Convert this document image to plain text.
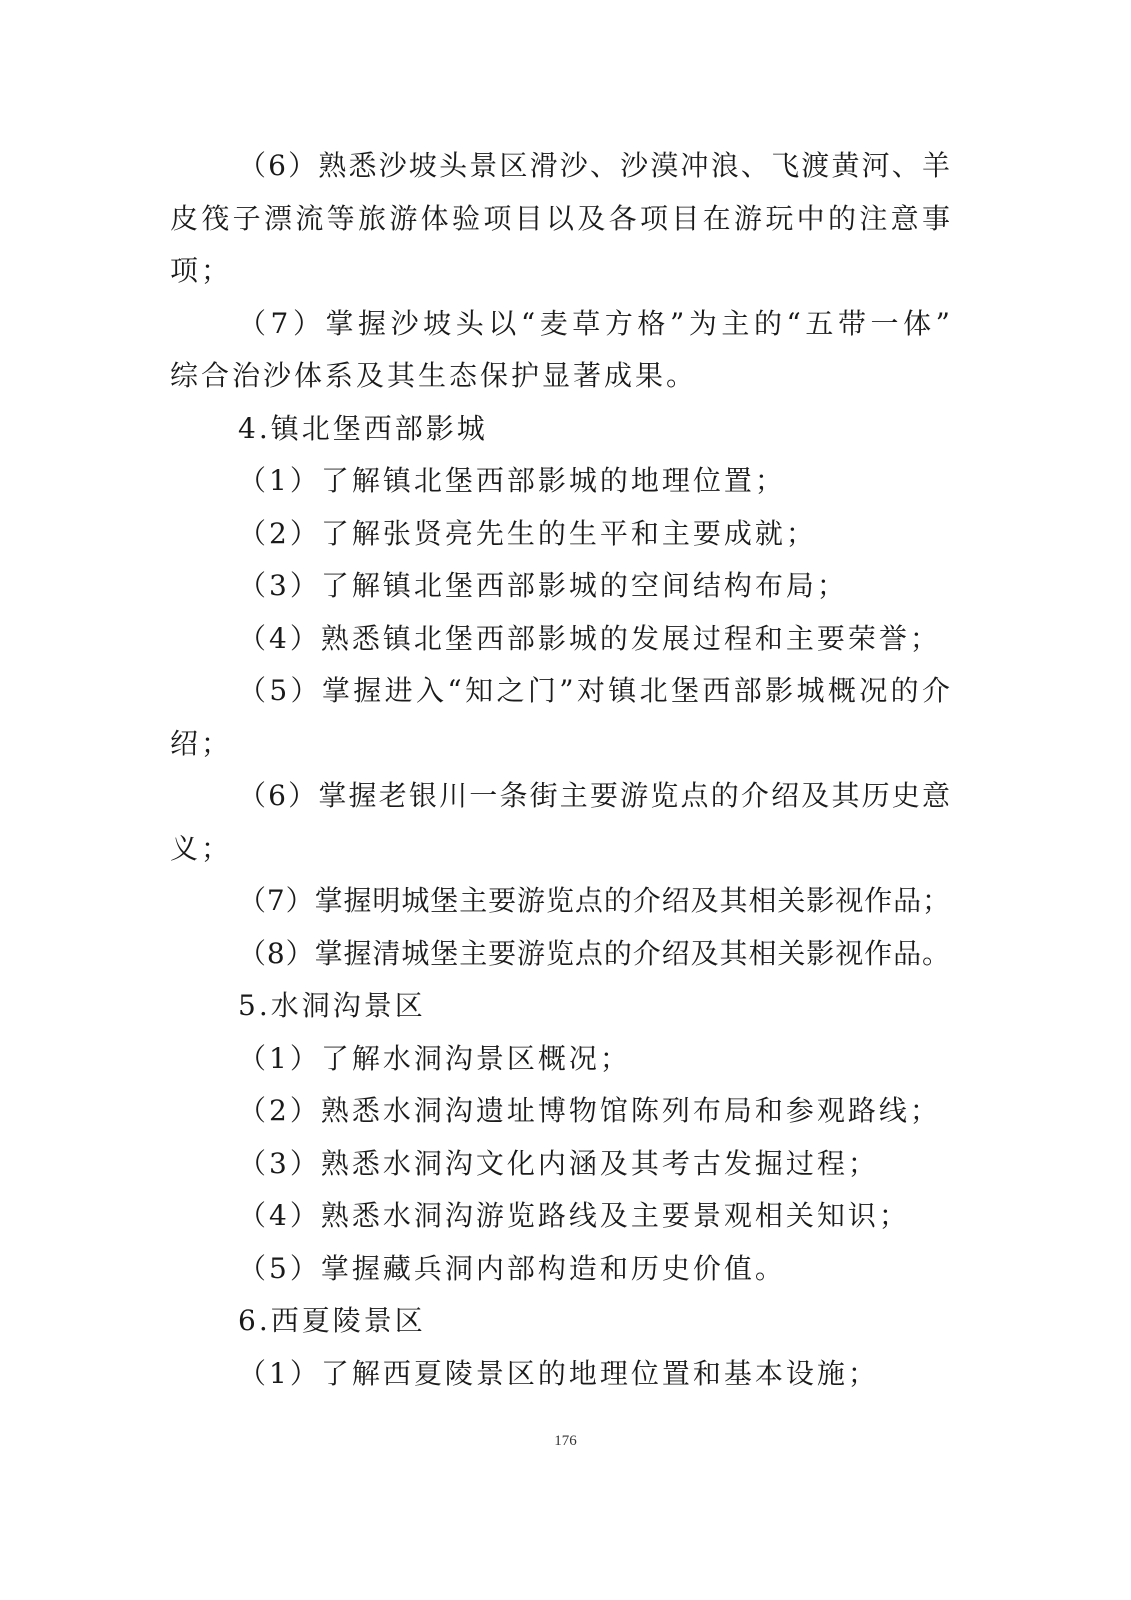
（6）熟悉沙坡头景区滑沙、沙漠冲浪、飞渡黄河、羊
皮筏子漂流等旅游体验项目以及各项目在游玩中的注意事
项；
（7）掌握沙坡头以“麦草方格”为主的“五带一体”
综合治沙体系及其生态保护显著成果。
4.镇北堡西部影城
（1）了解镇北堡西部影城的地理位置；
（2）了解张贤亮先生的生平和主要成就；
（3）了解镇北堡西部影城的空间结构布局；
（4）熟悉镇北堡西部影城的发展过程和主要荣誉；
（5）掌握进入“知之门”对镇北堡西部影城概况的介
绍；
（6）掌握老银川一条街主要游览点的介绍及其历史意
义；
（7）掌握明城堡主要游览点的介绍及其相关影视作品；
（8）掌握清城堡主要游览点的介绍及其相关影视作品。
5.水洞沟景区
（1）了解水洞沟景区概况；
（2）熟悉水洞沟遗址博物馆陈列布局和参观路线；
（3）熟悉水洞沟文化内涵及其考古发掘过程；
（4）熟悉水洞沟游览路线及主要景观相关知识；
（5）掌握藏兵洞内部构造和历史价值。
6.西夏陵景区
（1）了解西夏陵景区的地理位置和基本设施；
176
